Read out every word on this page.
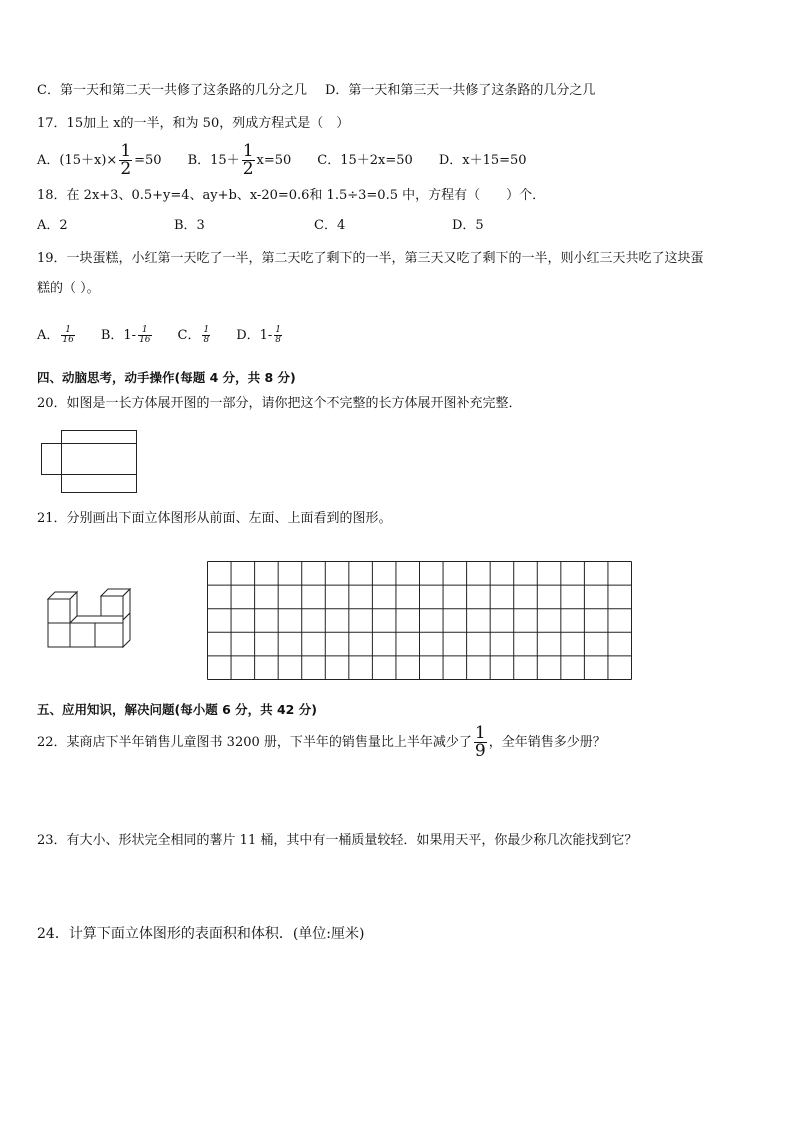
C．第一天和第二天一共修了这条路的几分之几 D．第一天和第三天一共修了这条路的几分之几
17．15加上 x的一半，和为 50，列成方程式是（　）
A．$(15+x)\times \frac{1}{2} =50$ B．$15+ \frac{1}{2} x=50$ C．15＋2x=50 D．x＋15=50
18．在 2x+3、0.5+y=4、ay+b、x-20=0.6和 1.5÷3=0.5 中，方程有（　　）个．
A．2	B．3	C．4	D．5
19．一块蛋糕，小红第一天吃了一半，第二天吃了剩下的一半，第三天又吃了剩下的一半，则小红三天共吃了这块蛋
糕的（ ）。
A． $\frac{1}{16}$ B．$1- \frac{1}{16}$ C． $\frac{1}{8}$ D．$1- \frac{1}{8}$
四、动脑思考，动手操作(每题 4 分，共 8 分)
20．如图是一长方体展开图的一部分，请你把这个不完整的长方体展开图补充完整．
21．分别画出下面立体图形从前面、左面、上面看到的图形。
五、应用知识，解决问题(每小题 6 分，共 42 分)
22．某商店下半年销售儿童图书 3200 册，下半年的销售量比上半年减少了 $\frac{1}{9}$ ，全年销售多少册？
23．有大小、形状完全相同的薯片 11 桶，其中有一桶质量较轻．如果用天平，你最少称几次能找到它？
24．计算下面立体图形的表面积和体积．(单位:厘米)
